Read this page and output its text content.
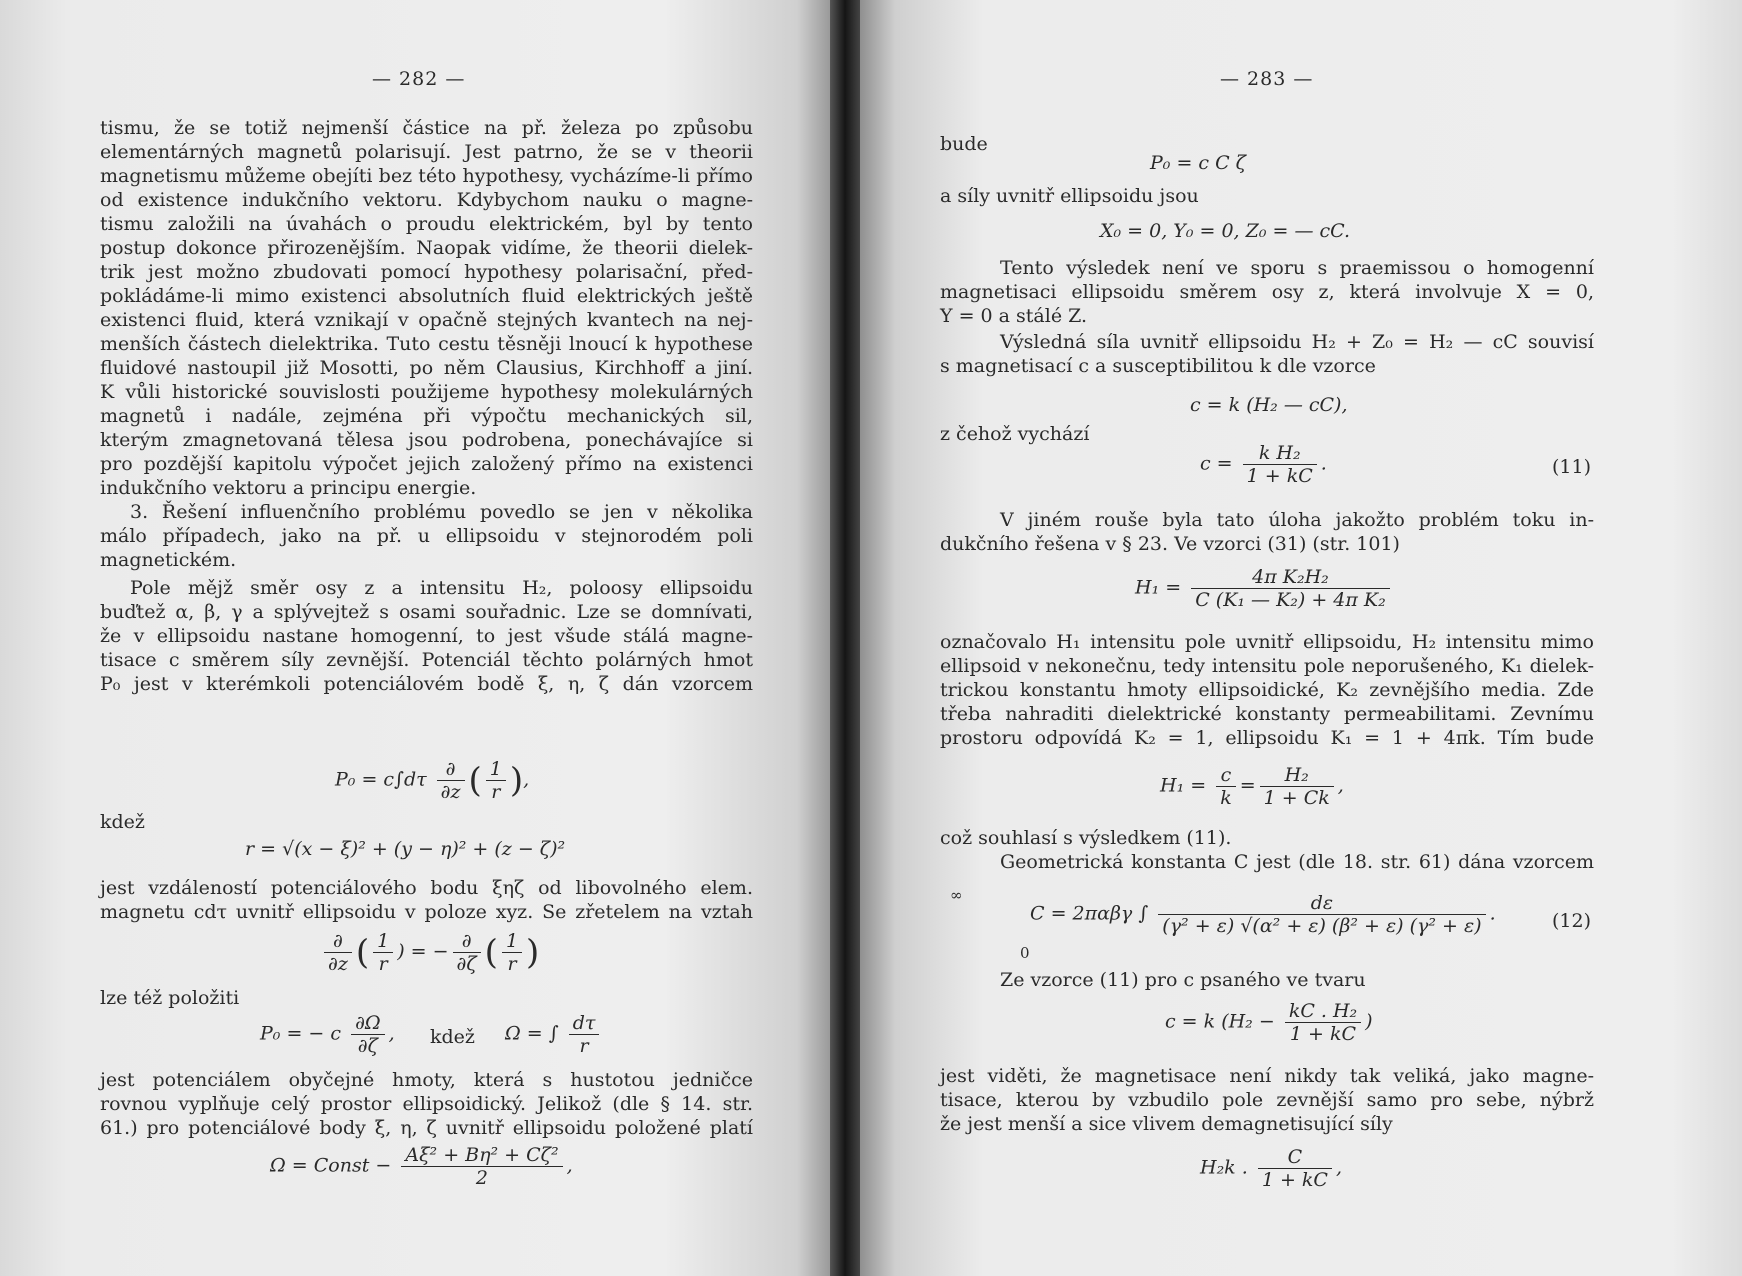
— 282 —
tismu, že se totiž nejmenší částice na př. železa po způsobu
elementárných magnetů polarisují. Jest patrno, že se v theorii
magnetismu můžeme obejíti bez této hypothesy, vycházíme-li přímo
od existence indukčního vektoru. Kdybychom nauku o magne-
tismu založili na úvahách o proudu elektrickém, byl by tento
postup dokonce přirozenějším. Naopak vidíme, že theorii dielek-
trik jest možno zbudovati pomocí hypothesy polarisační, před-
pokládáme-li mimo existenci absolutních fluid elektrických ještě
existenci fluid, která vznikají v opačně stejných kvantech na nej-
menších částech dielektrika. Tuto cestu těsněji lnoucí k hypothese
fluidové nastoupil již Mosotti, po něm Clausius, Kirchhoff a jiní.
K vůli historické souvislosti použijeme hypothesy molekulárných
magnetů i nadále, zejména při výpočtu mechanických sil,
kterým zmagnetovaná tělesa jsou podrobena, ponechávajíce si
pro pozdější kapitolu výpočet jejich založený přímo na existenci
indukčního vektoru a principu energie.
3. Řešení influenčního problému povedlo se jen v několika
málo případech, jako na př. u ellipsoidu v stejnorodém poli
magnetickém.
Pole mějž směr osy z a intensitu H₂, poloosy ellipsoidu
buďtež α, β, γ a splývejtež s osami souřadnic. Lze se domnívati,
že v ellipsoidu nastane homogenní, to jest všude stálá magne-
tisace c směrem síly zevnější. Potenciál těchto polárných hmot
P₀ jest v kterémkoli potenciálovém bodě ξ, η, ζ dán vzorcem
$P_0 = c\int d\tau \frac{\partial}{\partial z}$ ( $\frac{1}{r}$ ),
kdež
r = √(x − ξ)² + (y − η)² + (z − ζ)²
jest vzdáleností potenciálového bodu ξηζ od libovolného elem.
magnetu cdτ uvnitř ellipsoidu v poloze xyz. Se zřetelem na vztah
$\frac{\partial}{\partial z}$ ( $\frac{1}{r}$ ) = − $\frac{\partial}{\partial\zeta}$ ( $\frac{1}{r}$ )
lze též položiti
P₀ = − c $\frac{\partial\Omega}{\partial\zeta}$ , kdež Ω = ∫ $\frac{d\tau}{r}$
jest potenciálem obyčejné hmoty, která s hustotou jedničce
rovnou vyplňuje celý prostor ellipsoidický. Jelikož (dle § 14. str.
61.) pro potenciálové body ξ, η, ζ uvnitř ellipsoidu položené platí
Ω = Const − $\frac{\text{Aξ² + Bη² + Cζ²}}{2}$ ,
— 283 —
bude
P₀ = c C ζ
a síly uvnitř ellipsoidu jsou
X₀ = 0, Y₀ = 0, Z₀ = — cC.
Tento výsledek není ve sporu s praemissou o homogenní
magnetisaci ellipsoidu směrem osy z, která involvuje X = 0,
Y = 0 a stálé Z.
Výsledná síla uvnitř ellipsoidu H₂ + Z₀ = H₂ — cC souvisí
s magnetisací c a susceptibilitou k dle vzorce
c = k (H₂ — cC),
z čehož vychází
$c = \frac{\text{k H₂}}{1 + kC}$ .	(11)
V jiném rouše byla tato úloha jakožto problém toku in-
dukčního řešena v § 23. Ve vzorci (31) (str. 101)
$H_1 = \frac{\text{4π K₂H₂}}{\text{C (K₁ — K₂) + 4π K₂}}$
označovalo H₁ intensitu pole uvnitř ellipsoidu, H₂ intensitu mimo
ellipsoid v nekonečnu, tedy intensitu pole neporušeného, K₁ dielek-
trickou konstantu hmoty ellipsoidické, K₂ zevnějšího media. Zde
třeba nahraditi dielektrické konstanty permeabilitami. Zevnímu
prostoru odpovídá K₂ = 1, ellipsoidu K₁ = 1 + 4πk. Tím bude
$H_1 = \frac{c}{k} = \frac{\text{H₂}}{1 + Ck}$ ,
což souhlasí s výsledkem (11).
Geometrická konstanta C jest (dle 18. str. 61) dána vzorcem
∞
C = 2παβγ ∫ $\frac{d\varepsilon}{\text{(γ² + ε) √(α² + ε) (β² + ε) (γ² + ε)}}$ .
0
(12)
Ze vzorce (11) pro c psaného ve tvaru
c = k ($H_2 - \frac{\text{kC . H₂}}{1 + kC}$ )
jest viděti, že magnetisace není nikdy tak veliká, jako magne-
tisace, kterou by vzbudilo pole zevnější samo pro sebe, nýbrž
že jest menší a sice vlivem demagnetisující síly
H₂k . $\frac{C}{1 + kC}$ ,
